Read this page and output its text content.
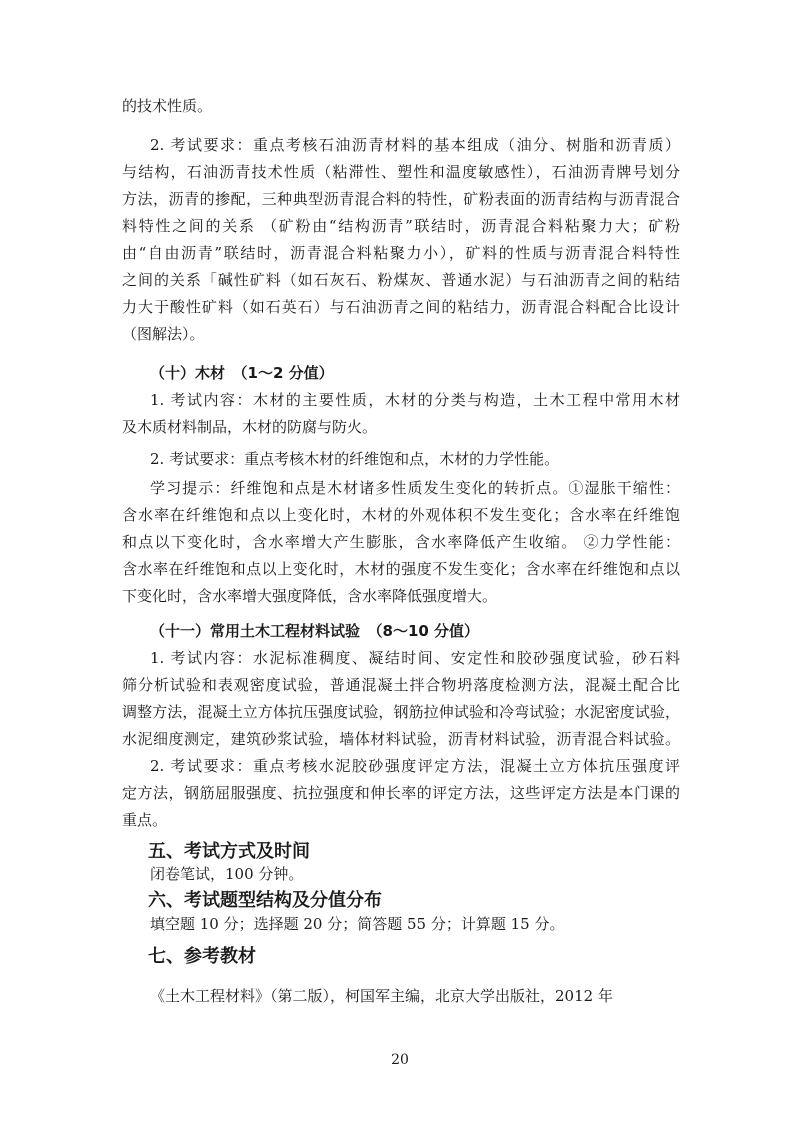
的技术性质。
2. 考试要求：重点考核石油沥青材料的基本组成（油分、树脂和沥青质）
与结构，石油沥青技术性质（粘滞性、塑性和温度敏感性），石油沥青牌号划分
方法，沥青的掺配，三种典型沥青混合料的特性，矿粉表面的沥青结构与沥青混合
料特性之间的关系 （矿粉由“结构沥青”联结时，沥青混合料粘聚力大；矿粉
由“自由沥青”联结时，沥青混合料粘聚力小），矿料的性质与沥青混合料特性
之间的关系「碱性矿料（如石灰石、粉煤灰、普通水泥）与石油沥青之间的粘结
力大于酸性矿料（如石英石）与石油沥青之间的粘结力，沥青混合料配合比设计
（图解法）。
（十）木材　（1～2 分值）
1. 考试内容：木材的主要性质，木材的分类与构造，土木工程中常用木材
及木质材料制品，木材的防腐与防火。
2. 考试要求：重点考核木材的纤维饱和点，木材的力学性能。
学习提示：纤维饱和点是木材诸多性质发生变化的转折点。①湿胀干缩性：
含水率在纤维饱和点以上变化时，木材的外观体积不发生变化；含水率在纤维饱
和点以下变化时，含水率增大产生膨胀，含水率降低产生收缩。 ②力学性能：
含水率在纤维饱和点以上变化时，木材的强度不发生变化；含水率在纤维饱和点以
下变化时，含水率增大强度降低，含水率降低强度增大。
（十一）常用土木工程材料试验　（8～10 分值）
1. 考试内容：水泥标准稠度、凝结时间、安定性和胶砂强度试验，砂石料
筛分析试验和表观密度试验，普通混凝土拌合物坍落度检测方法，混凝土配合比
调整方法，混凝土立方体抗压强度试验，钢筋拉伸试验和冷弯试验；水泥密度试验，
水泥细度测定，建筑砂浆试验，墙体材料试验，沥青材料试验，沥青混合料试验。
2. 考试要求：重点考核水泥胶砂强度评定方法，混凝土立方体抗压强度评
定方法，钢筋屈服强度、抗拉强度和伸长率的评定方法，这些评定方法是本门课的
重点。
五、考试方式及时间
闭卷笔试，100 分钟。
六、考试题型结构及分值分布
填空题 10 分；选择题 20 分；简答题 55 分；计算题 15 分。
七、参考教材
《土木工程材料》（第二版），柯国军主编，北京大学出版社，2012 年
20
